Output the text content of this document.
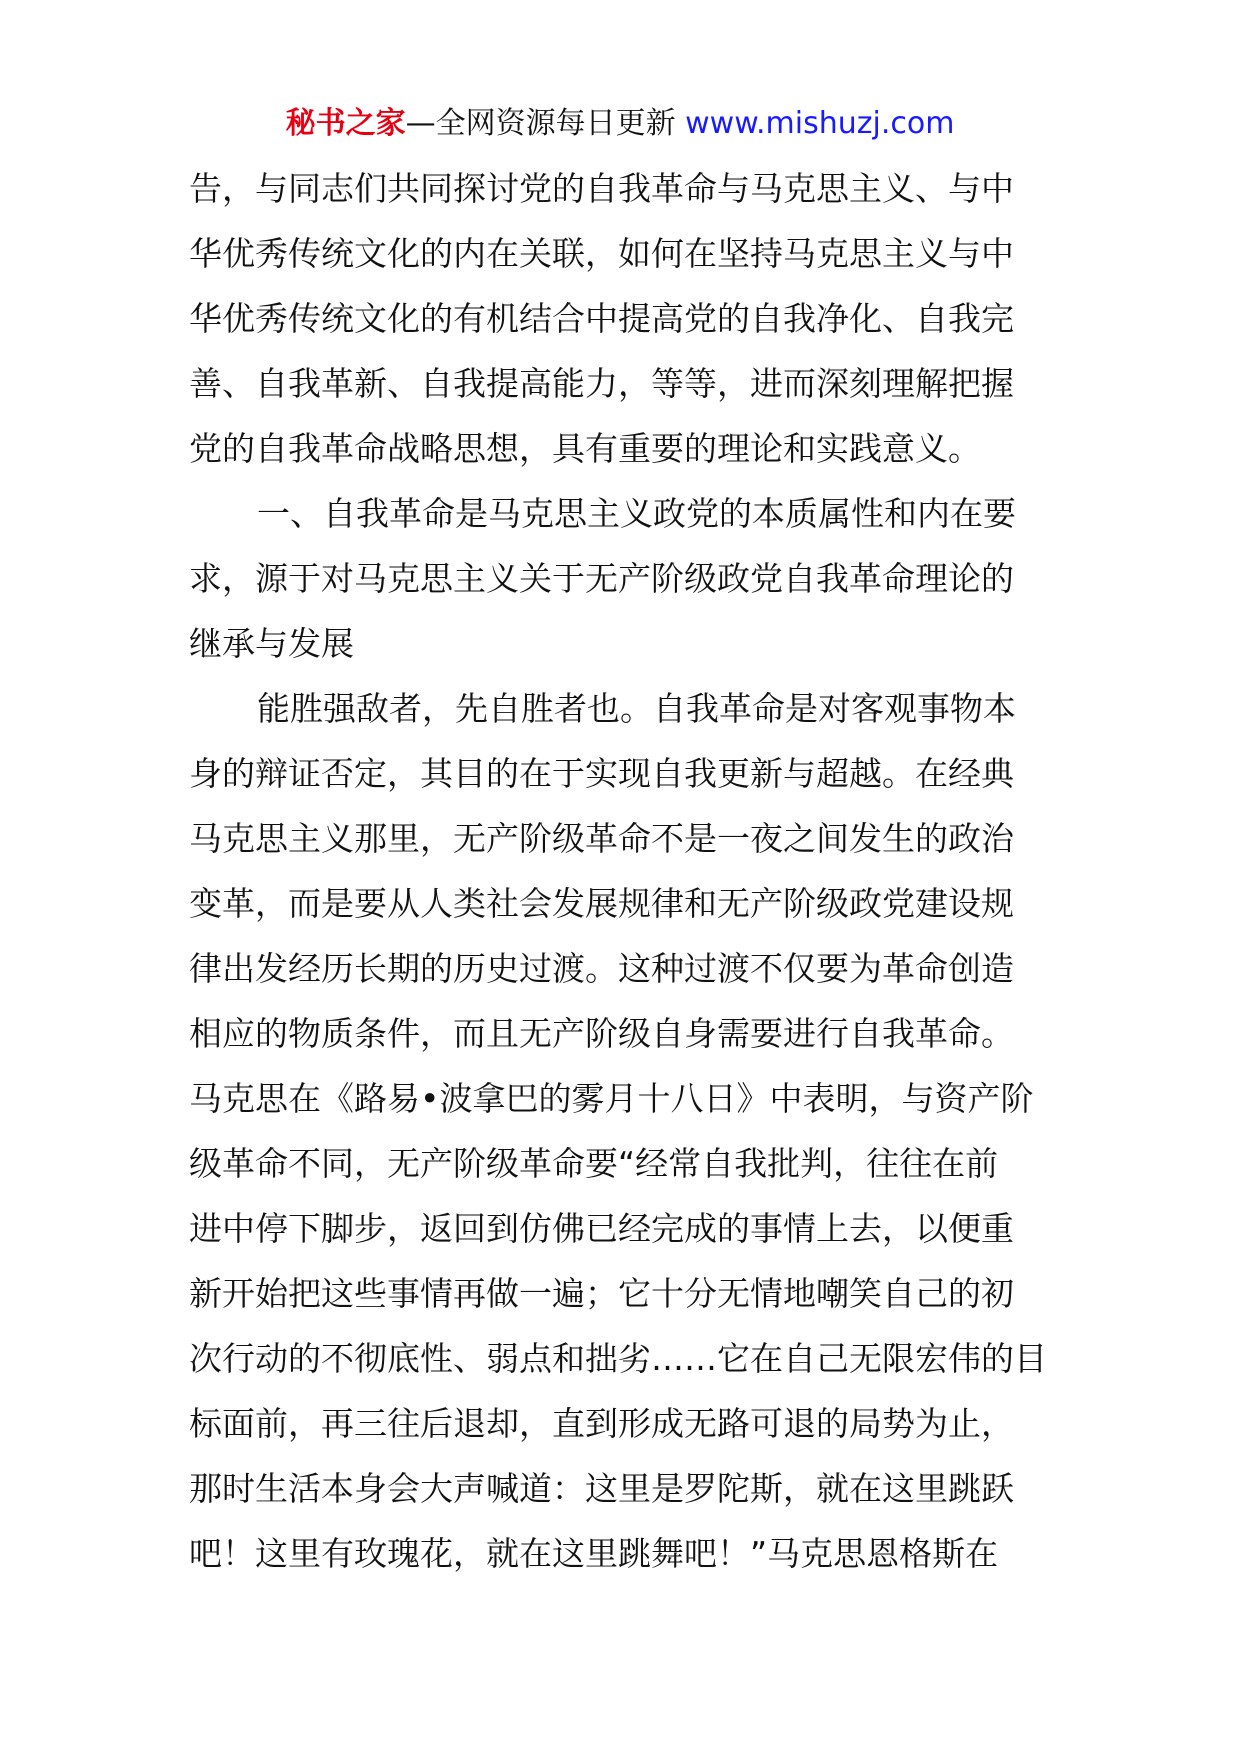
秘书之家—全网资源每日更新 www.mishuzj.com
告，与同志们共同探讨党的自我革命与马克思主义、与中
华优秀传统文化的内在关联，如何在坚持马克思主义与中
华优秀传统文化的有机结合中提高党的自我净化、自我完
善、自我革新、自我提高能力，等等，进而深刻理解把握
党的自我革命战略思想，具有重要的理论和实践意义。
一、自我革命是马克思主义政党的本质属性和内在要
求，源于对马克思主义关于无产阶级政党自我革命理论的
继承与发展
能胜强敌者，先自胜者也。自我革命是对客观事物本
身的辩证否定，其目的在于实现自我更新与超越。在经典
马克思主义那里，无产阶级革命不是一夜之间发生的政治
变革，而是要从人类社会发展规律和无产阶级政党建设规
律出发经历长期的历史过渡。这种过渡不仅要为革命创造
相应的物质条件，而且无产阶级自身需要进行自我革命。
马克思在《路易•波拿巴的雾月十八日》中表明，与资产阶
级革命不同，无产阶级革命要“经常自我批判，往往在前
进中停下脚步，返回到仿佛已经完成的事情上去，以便重
新开始把这些事情再做一遍；它十分无情地嘲笑自己的初
次行动的不彻底性、弱点和拙劣……它在自己无限宏伟的目
标面前，再三往后退却，直到形成无路可退的局势为止，
那时生活本身会大声喊道：这里是罗陀斯，就在这里跳跃
吧！这里有玫瑰花，就在这里跳舞吧！”马克思恩格斯在
